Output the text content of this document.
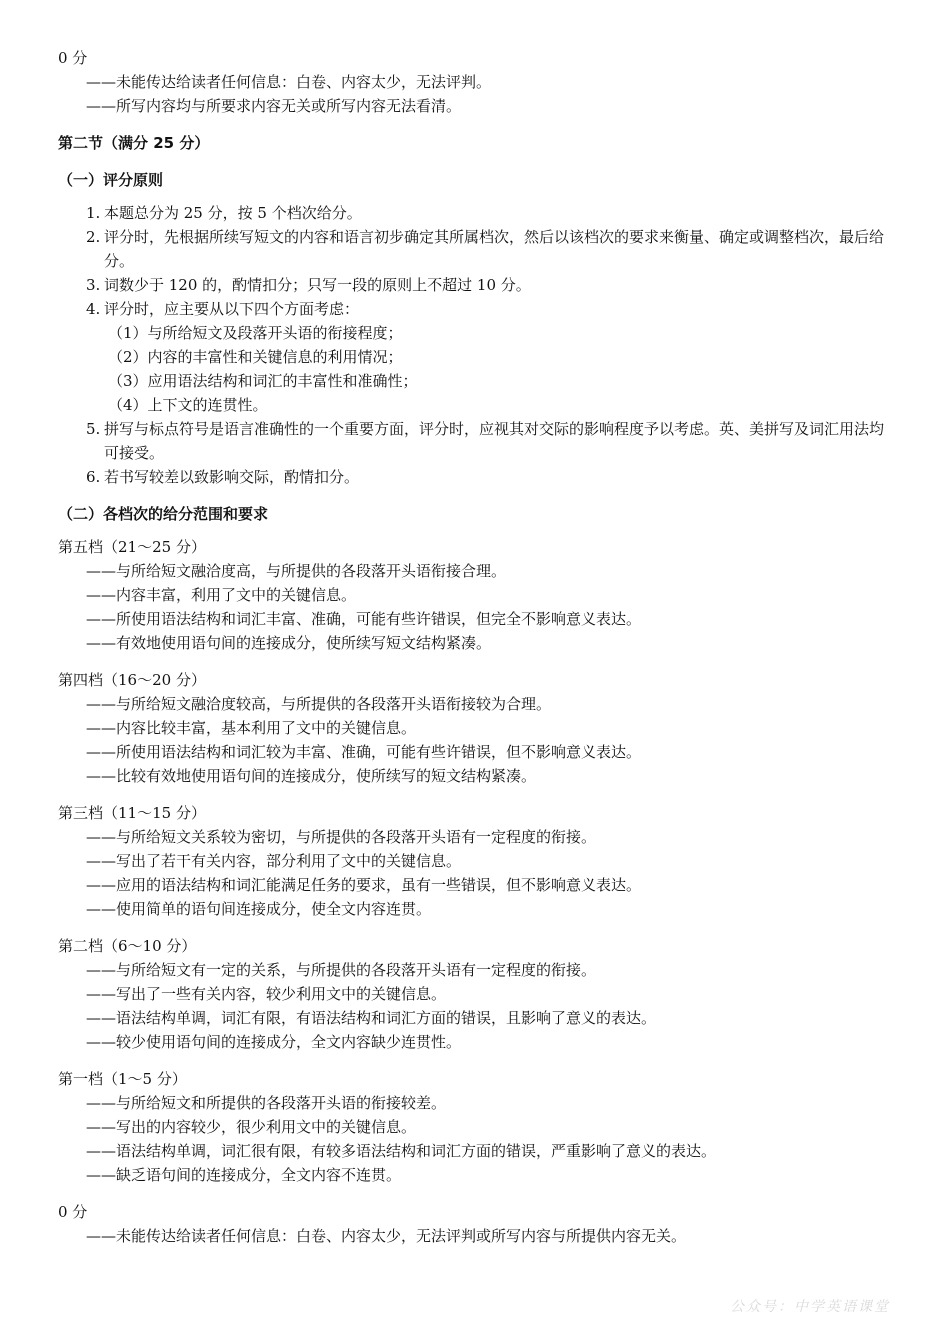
0 分
——未能传达给读者任何信息：白卷、内容太少，无法评判。
——所写内容均与所要求内容无关或所写内容无法看清。
第二节（满分 25 分）
（一）评分原则
1. 本题总分为 25 分，按 5 个档次给分。
2. 评分时，先根据所续写短文的内容和语言初步确定其所属档次，然后以该档次的要求来衡量、确定或调整档次，最后给分。
3. 词数少于 120 的，酌情扣分；只写一段的原则上不超过 10 分。
4. 评分时，应主要从以下四个方面考虑：
（1）与所给短文及段落开头语的衔接程度；
（2）内容的丰富性和关键信息的利用情况；
（3）应用语法结构和词汇的丰富性和准确性；
（4）上下文的连贯性。
5. 拼写与标点符号是语言准确性的一个重要方面，评分时，应视其对交际的影响程度予以考虑。英、美拼写及词汇用法均可接受。
6. 若书写较差以致影响交际，酌情扣分。
（二）各档次的给分范围和要求
第五档（21～25 分）
——与所给短文融洽度高，与所提供的各段落开头语衔接合理。
——内容丰富，利用了文中的关键信息。
——所使用语法结构和词汇丰富、准确，可能有些许错误，但完全不影响意义表达。
——有效地使用语句间的连接成分，使所续写短文结构紧凑。
第四档（16～20 分）
——与所给短文融洽度较高，与所提供的各段落开头语衔接较为合理。
——内容比较丰富，基本利用了文中的关键信息。
——所使用语法结构和词汇较为丰富、准确，可能有些许错误，但不影响意义表达。
——比较有效地使用语句间的连接成分，使所续写的短文结构紧凑。
第三档（11～15 分）
——与所给短文关系较为密切，与所提供的各段落开头语有一定程度的衔接。
——写出了若干有关内容，部分利用了文中的关键信息。
——应用的语法结构和词汇能满足任务的要求，虽有一些错误，但不影响意义表达。
——使用简单的语句间连接成分，使全文内容连贯。
第二档（6～10 分）
——与所给短文有一定的关系，与所提供的各段落开头语有一定程度的衔接。
——写出了一些有关内容，较少利用文中的关键信息。
——语法结构单调，词汇有限，有语法结构和词汇方面的错误，且影响了意义的表达。
——较少使用语句间的连接成分，全文内容缺少连贯性。
第一档（1～5 分）
——与所给短文和所提供的各段落开头语的衔接较差。
——写出的内容较少，很少利用文中的关键信息。
——语法结构单调，词汇很有限，有较多语法结构和词汇方面的错误，严重影响了意义的表达。
——缺乏语句间的连接成分，全文内容不连贯。
0 分
——未能传达给读者任何信息：白卷、内容太少，无法评判或所写内容与所提供内容无关。
公众号：中学英语课堂
